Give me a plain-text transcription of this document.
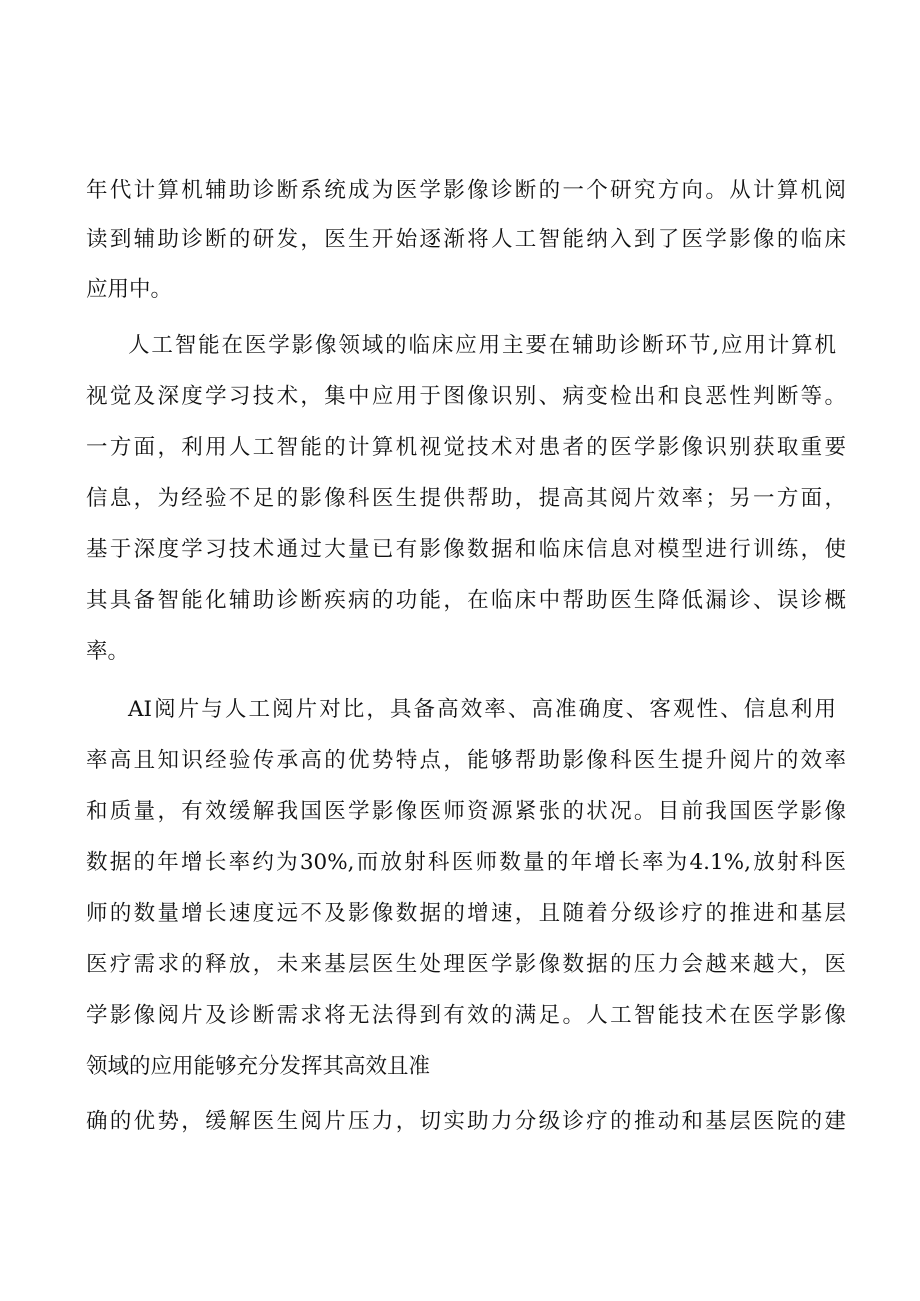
年代计算机辅助诊断系统成为医学影像诊断的一个研究方向。从计算机阅
读到辅助诊断的研发，医生开始逐渐将人工智能纳入到了医学影像的临床
应用中。
人工智能在医学影像领域的临床应用主要在辅助诊断环节,应用计算机
视觉及深度学习技术，集中应用于图像识别、病变检出和良恶性判断等。
一方面，利用人工智能的计算机视觉技术对患者的医学影像识别获取重要
信息，为经验不足的影像科医生提供帮助，提高其阅片效率；另一方面，
基于深度学习技术通过大量已有影像数据和临床信息对模型进行训练，使
其具备智能化辅助诊断疾病的功能，在临床中帮助医生降低漏诊、误诊概
率。
AI阅片与人工阅片对比，具备高效率、高准确度、客观性、信息利用
率高且知识经验传承高的优势特点，能够帮助影像科医生提升阅片的效率
和质量，有效缓解我国医学影像医师资源紧张的状况。目前我国医学影像
数据的年增长率约为30%,而放射科医师数量的年增长率为4.1%,放射科医
师的数量增长速度远不及影像数据的增速，且随着分级诊疗的推进和基层
医疗需求的释放，未来基层医生处理医学影像数据的压力会越来越大，医
学影像阅片及诊断需求将无法得到有效的满足。人工智能技术在医学影像
领域的应用能够充分发挥其高效且准
确的优势，缓解医生阅片压力，切实助力分级诊疗的推动和基层医院的建
